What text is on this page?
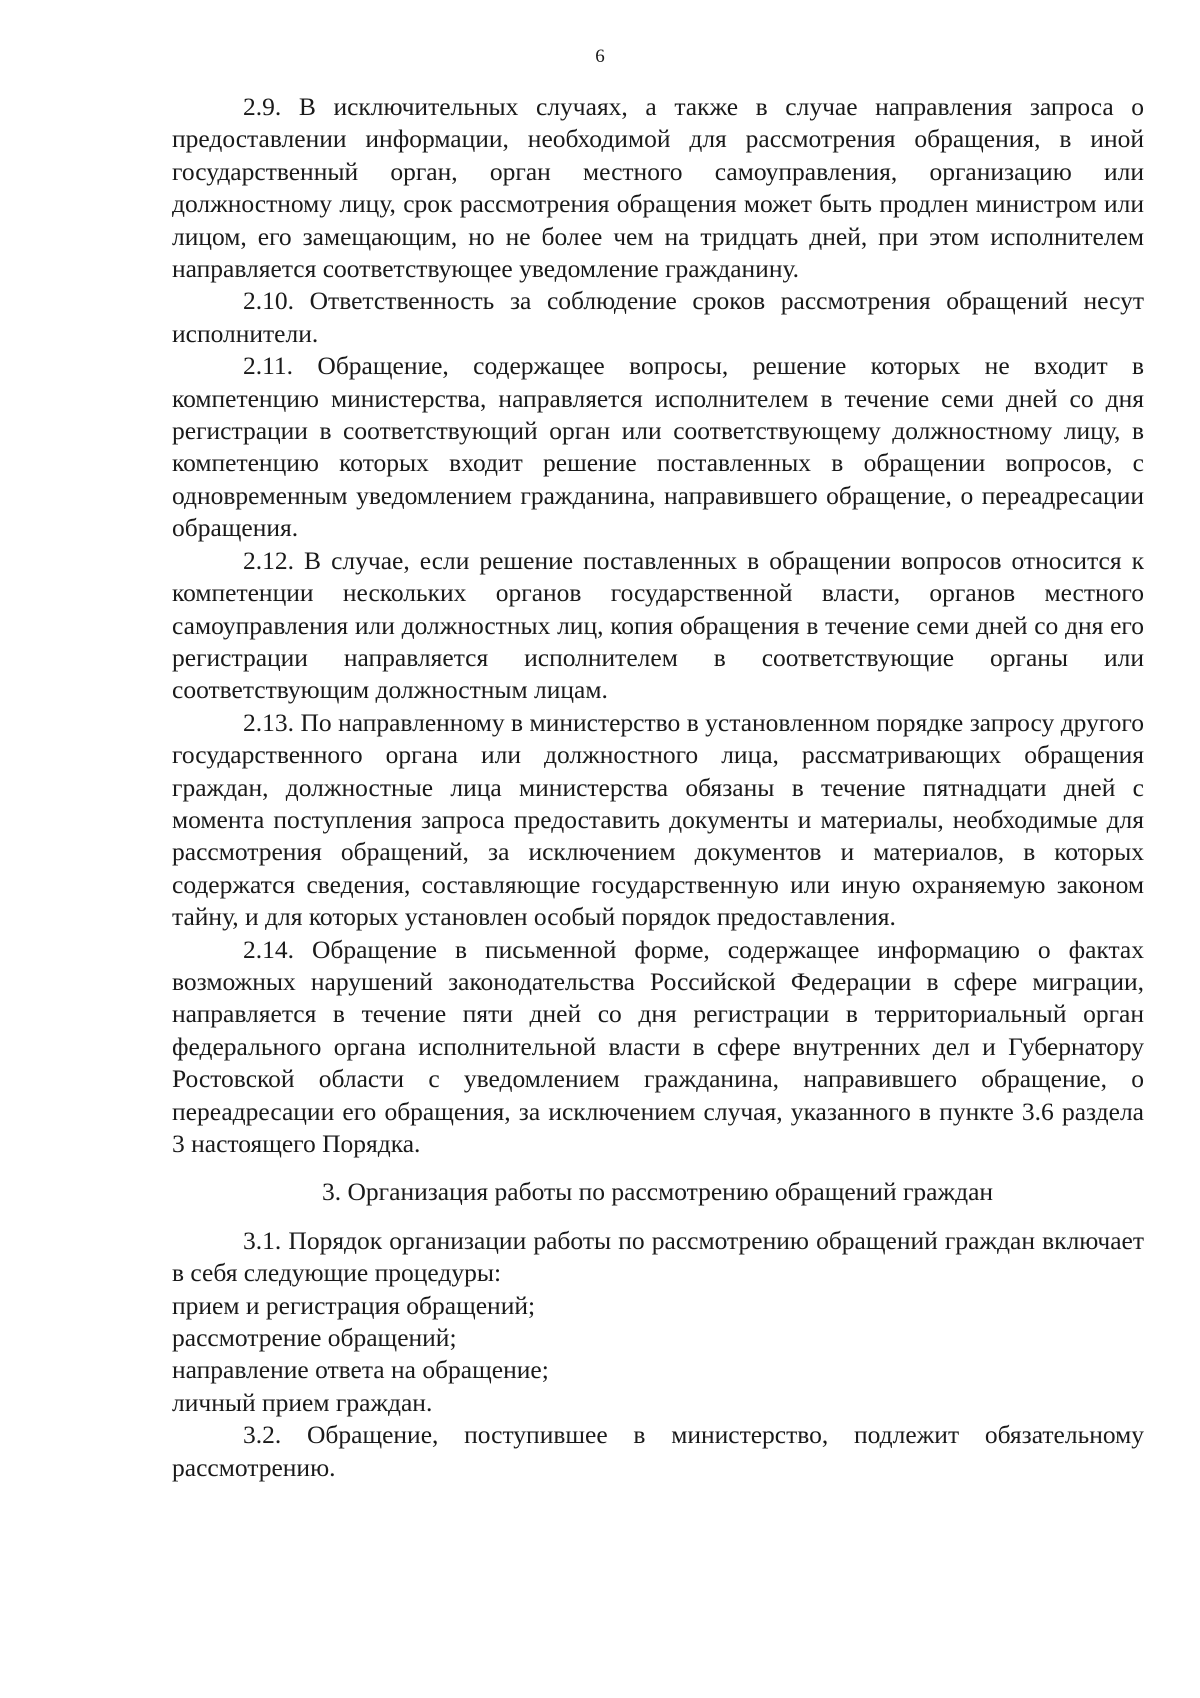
6

2.9. В исключительных случаях, а также в случае направления запроса о предоставлении информации, необходимой для рассмотрения обращения, в иной государственный орган, орган местного самоуправления, организацию или должностному лицу, срок рассмотрения обращения может быть продлен министром или лицом, его замещающим, но не более чем на тридцать дней, при этом исполнителем направляется соответствующее уведомление гражданину.

2.10. Ответственность за соблюдение сроков рассмотрения обращений несут исполнители.

2.11. Обращение, содержащее вопросы, решение которых не входит в компетенцию министерства, направляется исполнителем в течение семи дней со дня регистрации в соответствующий орган или соответствующему должностному лицу, в компетенцию которых входит решение поставленных в обращении вопросов, с одновременным уведомлением гражданина, направившего обращение, о переадресации обращения.

2.12. В случае, если решение поставленных в обращении вопросов относится к компетенции нескольких органов государственной власти, органов местного самоуправления или должностных лиц, копия обращения в течение семи дней со дня его регистрации направляется исполнителем в соответствующие органы или соответствующим должностным лицам.

2.13. По направленному в министерство в установленном порядке запросу другого государственного органа или должностного лица, рассматривающих обращения граждан, должностные лица министерства обязаны в течение пятнадцати дней с момента поступления запроса предоставить документы и материалы, необходимые для рассмотрения обращений, за исключением документов и материалов, в которых содержатся сведения, составляющие государственную или иную охраняемую законом тайну, и для которых установлен особый порядок предоставления.

2.14. Обращение в письменной форме, содержащее информацию о фактах возможных нарушений законодательства Российской Федерации в сфере миграции, направляется в течение пяти дней со дня регистрации в территориальный орган федерального органа исполнительной власти в сфере внутренних дел и Губернатору Ростовской области с уведомлением гражданина, направившего обращение, о переадресации его обращения, за исключением случая, указанного в пункте 3.6 раздела 3 настоящего Порядка.

3. Организация работы по рассмотрению обращений граждан

3.1. Порядок организации работы по рассмотрению обращений граждан включает в себя следующие процедуры:

прием и регистрация обращений;

рассмотрение обращений;

направление ответа на обращение;

личный прием граждан.

3.2. Обращение, поступившее в министерство, подлежит обязательному рассмотрению.
